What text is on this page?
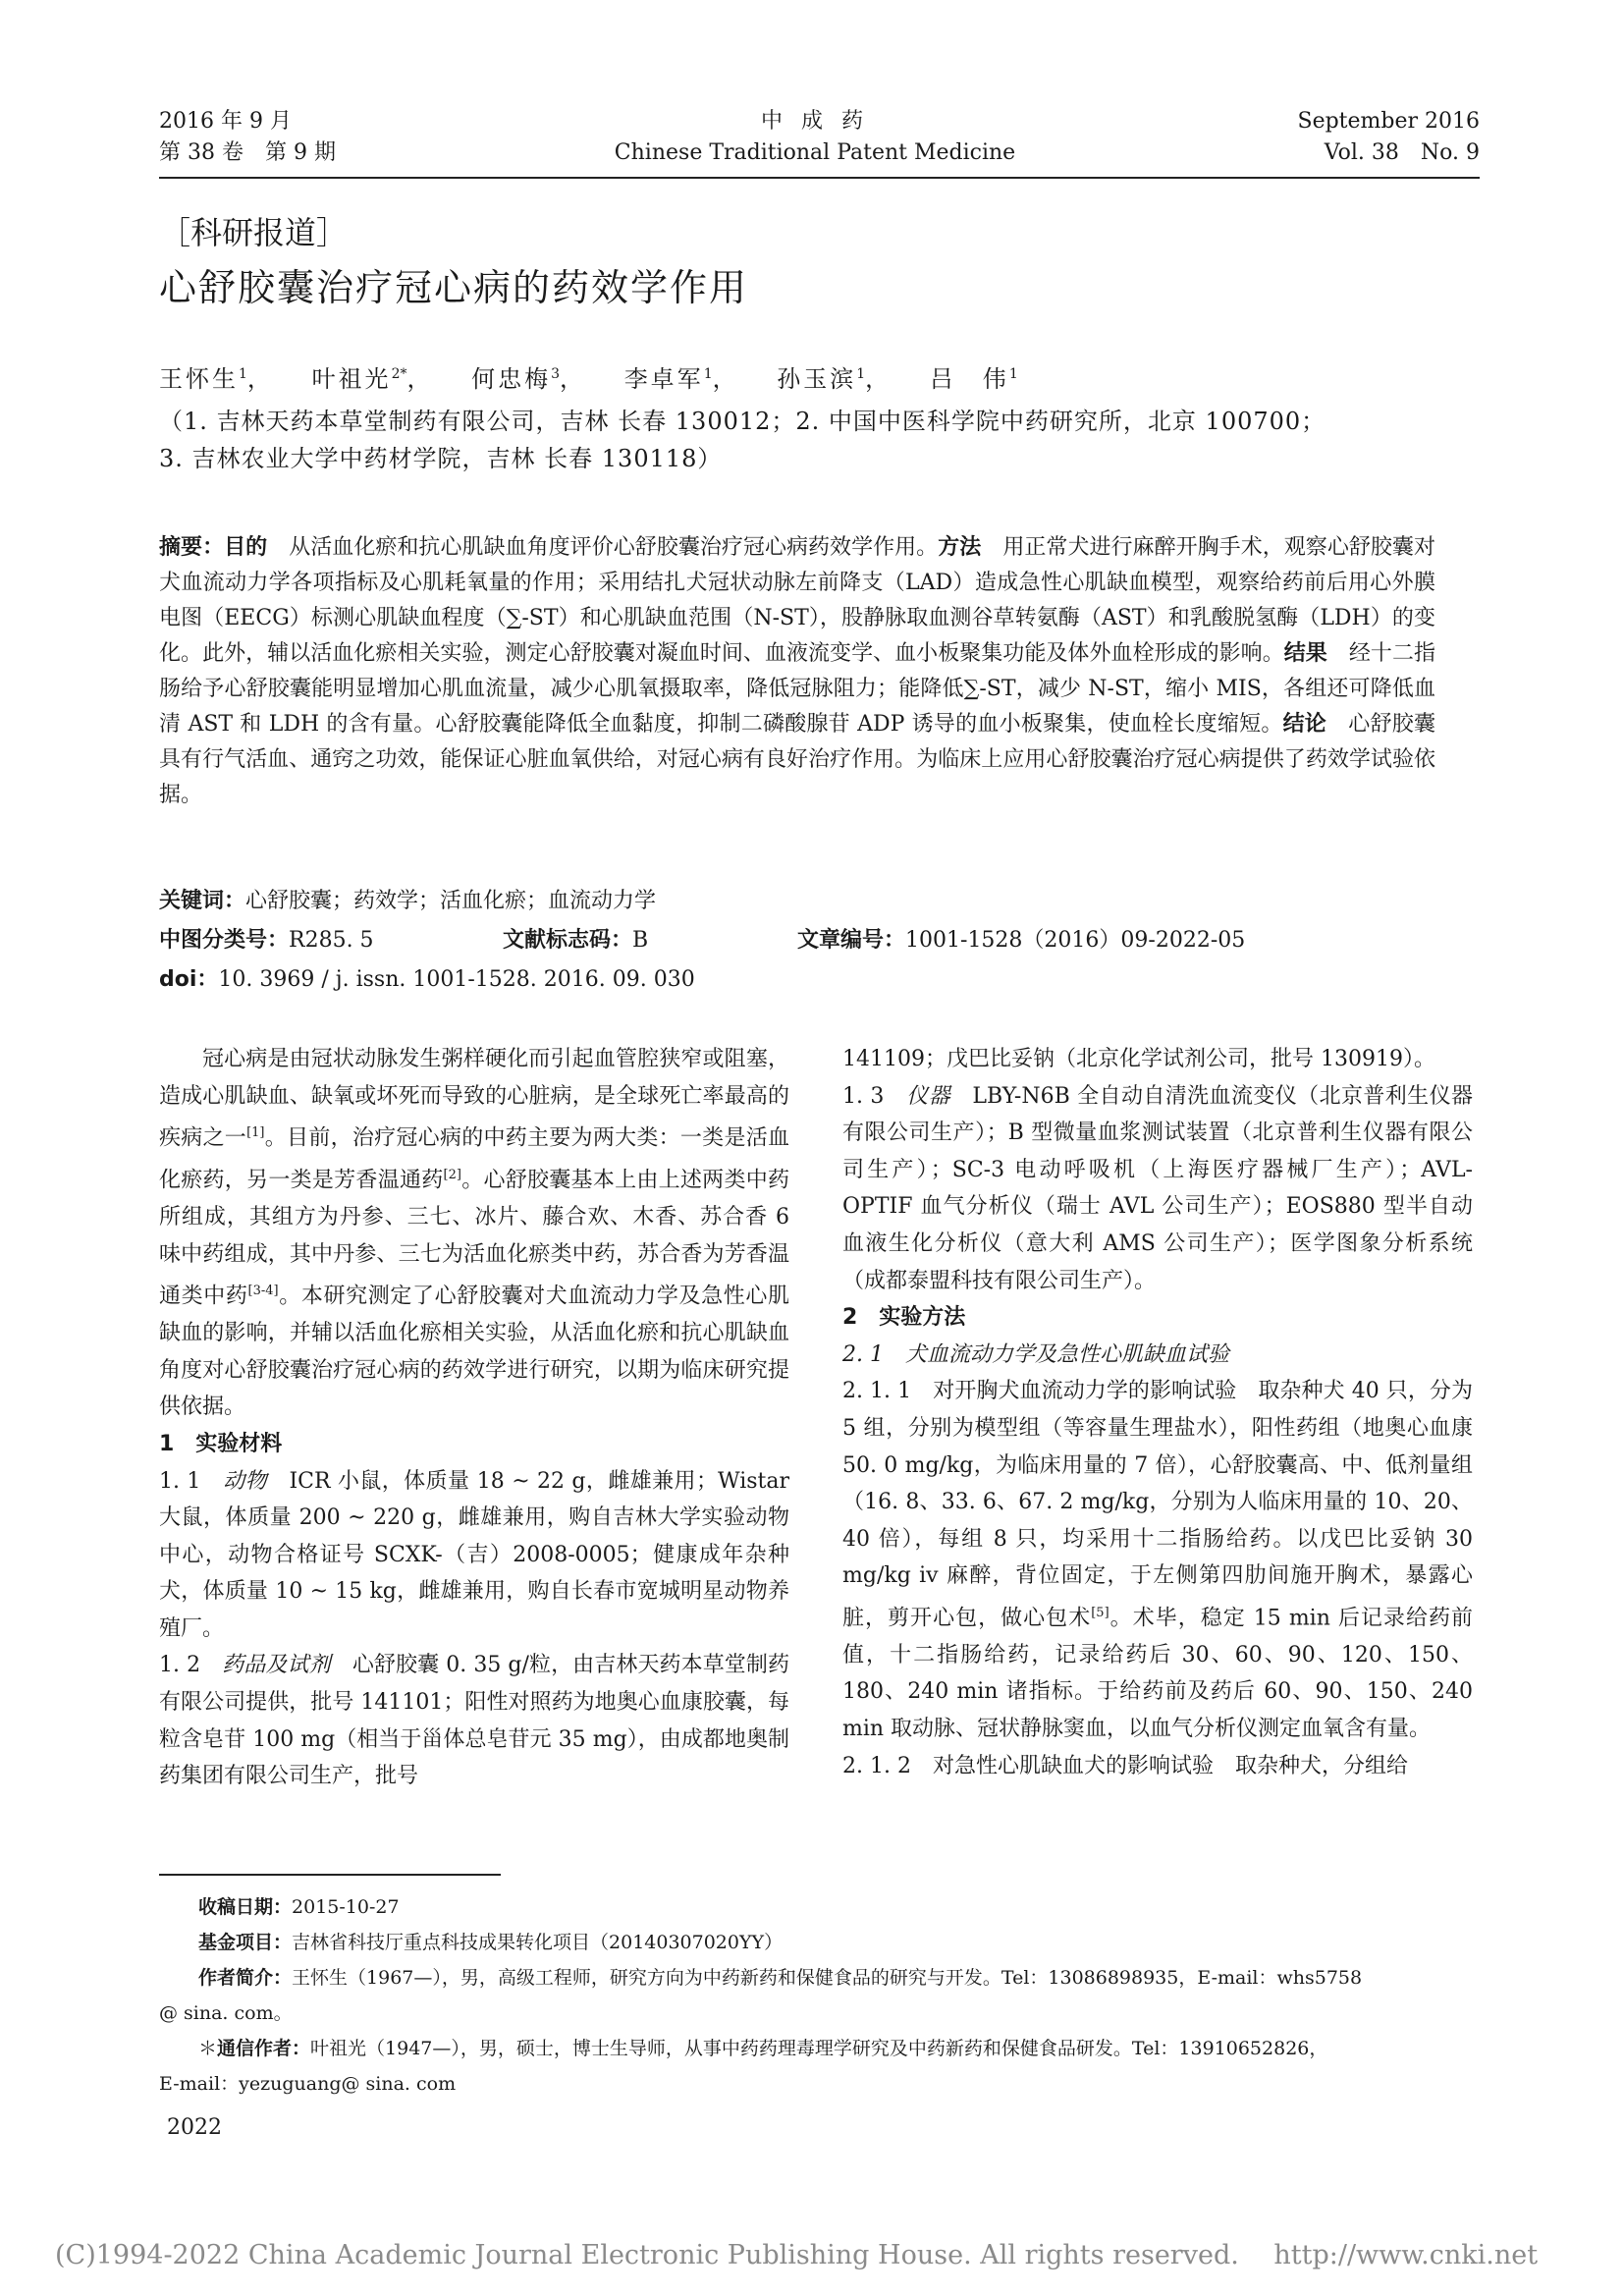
2016 年 9 月
第 38 卷　第 9 期
中 成 药
Chinese Traditional Patent Medicine
September 2016
Vol. 38　No. 9
［科研报道］
心舒胶囊治疗冠心病的药效学作用
王怀生$^1$， 叶祖光$^{2*}$， 何忠梅$^3$， 李卓军$^1$， 孙玉滨$^1$， 吕　伟$^1$
（1. 吉林天药本草堂制药有限公司，吉林 长春 130012；2. 中国中医科学院中药研究所，北京 100700；
3. 吉林农业大学中药材学院，吉林 长春 130118）
摘要：目的　 从活血化瘀和抗心肌缺血角度评价心舒胶囊治疗冠心病药效学作用。方法　 用正常犬进行麻醉开胸手术，观察心舒胶囊对犬血流动力学各项指标及心肌耗氧量的作用；采用结扎犬冠状动脉左前降支（LAD）造成急性心肌缺血模型，观察给药前后用心外膜电图（EECG）标测心肌缺血程度（∑-ST）和心肌缺血范围（N-ST），股静脉取血测谷草转氨酶（AST）和乳酸脱氢酶（LDH）的变化。此外，辅以活血化瘀相关实验，测定心舒胶囊对凝血时间、血液流变学、血小板聚集功能及体外血栓形成的影响。结果　 经十二指肠给予心舒胶囊能明显增加心肌血流量，减少心肌氧摄取率，降低冠脉阻力；能降低∑-ST，减少 N-ST，缩小 MIS，各组还可降低血清 AST 和 LDH 的含有量。心舒胶囊能降低全血黏度，抑制二磷酸腺苷 ADP 诱导的血小板聚集，使血栓长度缩短。结论　 心舒胶囊具有行气活血、通窍之功效，能保证心脏血氧供给，对冠心病有良好治疗作用。为临床上应用心舒胶囊治疗冠心病提供了药效学试验依据。
关键词：心舒胶囊；药效学；活血化瘀；血流动力学
中图分类号：R285. 5	文献标志码：B	文章编号：1001-1528（2016）09-2022-05
doi：10. 3969 / j. issn. 1001-1528. 2016. 09. 030

冠心病是由冠状动脉发生粥样硬化而引起血管腔狭窄或阻塞，造成心肌缺血、缺氧或坏死而导致的心脏病，是全球死亡率最高的疾病之一[1]。目前，治疗冠心病的中药主要为两大类：一类是活血化瘀药，另一类是芳香温通药[2]。心舒胶囊基本上由上述两类中药所组成，其组方为丹参、三七、冰片、藤合欢、木香、苏合香 6 味中药组成，其中丹参、三七为活血化瘀类中药，苏合香为芳香温通类中药[3-4]。本研究测定了心舒胶囊对犬血流动力学及急性心肌缺血的影响，并辅以活血化瘀相关实验，从活血化瘀和抗心肌缺血角度对心舒胶囊治疗冠心病的药效学进行研究，以期为临床研究提供依据。

1　实验材料

1. 1　动物　 ICR 小鼠，体质量 18 ~ 22 g，雌雄兼用；Wistar 大鼠，体质量 200 ~ 220 g，雌雄兼用，购自吉林大学实验动物中心，动物合格证号 SCXK-（吉）2008-0005；健康成年杂种犬，体质量 10 ~ 15 kg，雌雄兼用，购自长春市宽城明星动物养殖厂。

1. 2　药品及试剂　 心舒胶囊 0. 35 g/粒，由吉林天药本草堂制药有限公司提供，批号 141101；阳性对照药为地奥心血康胶囊，每粒含皂苷 100 mg（相当于甾体总皂苷元 35 mg），由成都地奥制药集团有限公司生产，批号

141109；戊巴比妥钠（北京化学试剂公司，批号 130919）。

1. 3　仪器　 LBY-N6B 全自动自清洗血流变仪（北京普利生仪器有限公司生产）；B 型微量血浆测试装置（北京普利生仪器有限公司生产）；SC-3 电动呼吸机（上海医疗器械厂生产）；AVL-OPTIF 血气分析仪（瑞士 AVL 公司生产）；EOS880 型半自动血液生化分析仪（意大利 AMS 公司生产）；医学图象分析系统（成都泰盟科技有限公司生产）。

2　实验方法

2. 1　犬血流动力学及急性心肌缺血试验

2. 1. 1　对开胸犬血流动力学的影响试验　 取杂种犬 40 只，分为 5 组，分别为模型组（等容量生理盐水），阳性药组（地奥心血康 50. 0 mg/kg，为临床用量的 7 倍），心舒胶囊高、中、低剂量组（16. 8、33. 6、67. 2 mg/kg，分别为人临床用量的 10、20、40 倍），每组 8 只，均采用十二指肠给药。以戊巴比妥钠 30 mg/kg iv 麻醉，背位固定，于左侧第四肋间施开胸术，暴露心脏，剪开心包，做心包术[5]。术毕，稳定 15 min 后记录给药前值，十二指肠给药，记录给药后 30、60、90、120、150、180、240 min 诸指标。于给药前及药后 60、90、150、240 min 取动脉、冠状静脉窦血，以血气分析仪测定血氧含有量。

2. 1. 2　对急性心肌缺血犬的影响试验　 取杂种犬，分组给

收稿日期：2015-10-27
基金项目：吉林省科技厅重点科技成果转化项目（20140307020YY）
作者简介：王怀生（1967—），男，高级工程师，研究方向为中药新药和保健食品的研究与开发。Tel：13086898935，E-mail：whs5758
@ sina. com。
＊通信作者：叶祖光（1947—），男，硕士，博士生导师，从事中药药理毒理学研究及中药新药和保健食品研发。Tel：13910652826，
E-mail：yezuguang@ sina. com
2022
(C)1994-2022 China Academic Journal Electronic Publishing House. All rights reserved.　 http://www.cnki.net
